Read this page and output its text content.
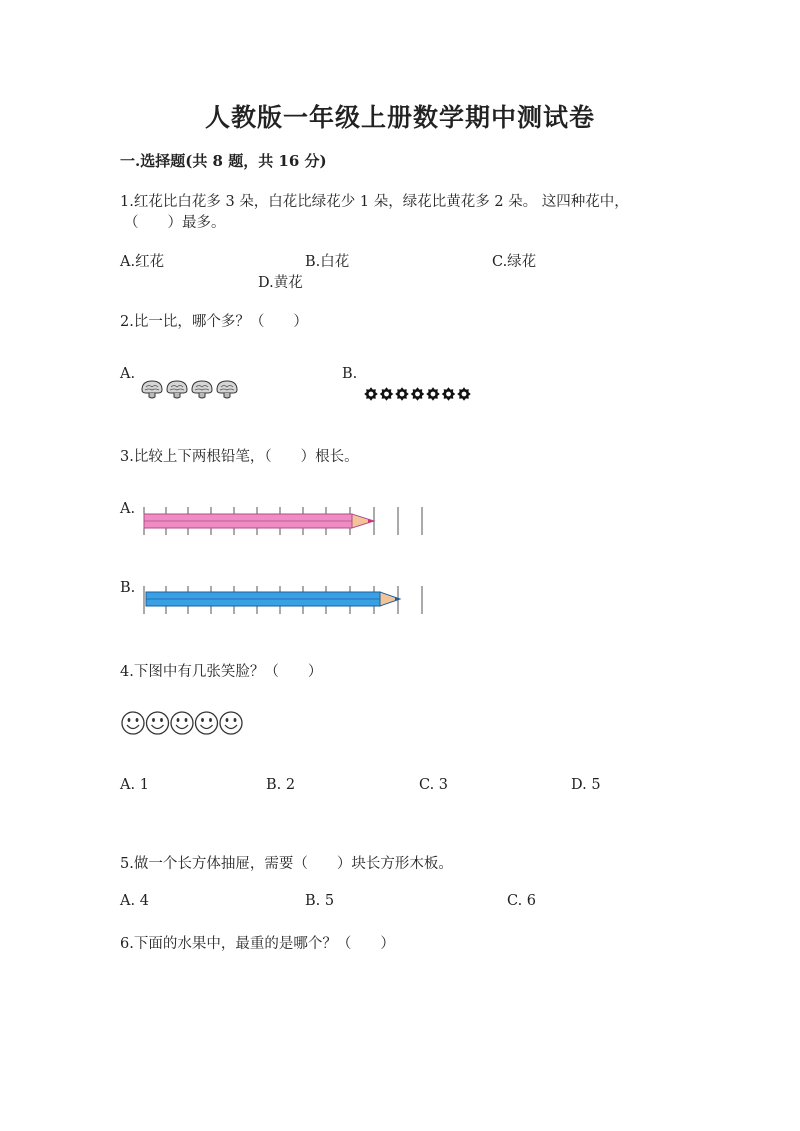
人教版一年级上册数学期中测试卷
一.选择题(共 8 题，共 16 分)
1.红花比白花多 3 朵，白花比绿花少 1 朵，绿花比黄花多 2 朵。 这四种花中，
（　　）最多。
A.红花	B.白花	C.绿花
D.黄花
2.比一比，哪个多？（　　）
A.	B.
3.比较上下两根铅笔，（　　）根长。
A.
B.
4.下图中有几张笑脸？（　　）
A. 1	B. 2	C. 3	D. 5
5.做一个长方体抽屉，需要（　　）块长方形木板。
A. 4	B. 5	C. 6
6.下面的水果中，最重的是哪个？（　　）
